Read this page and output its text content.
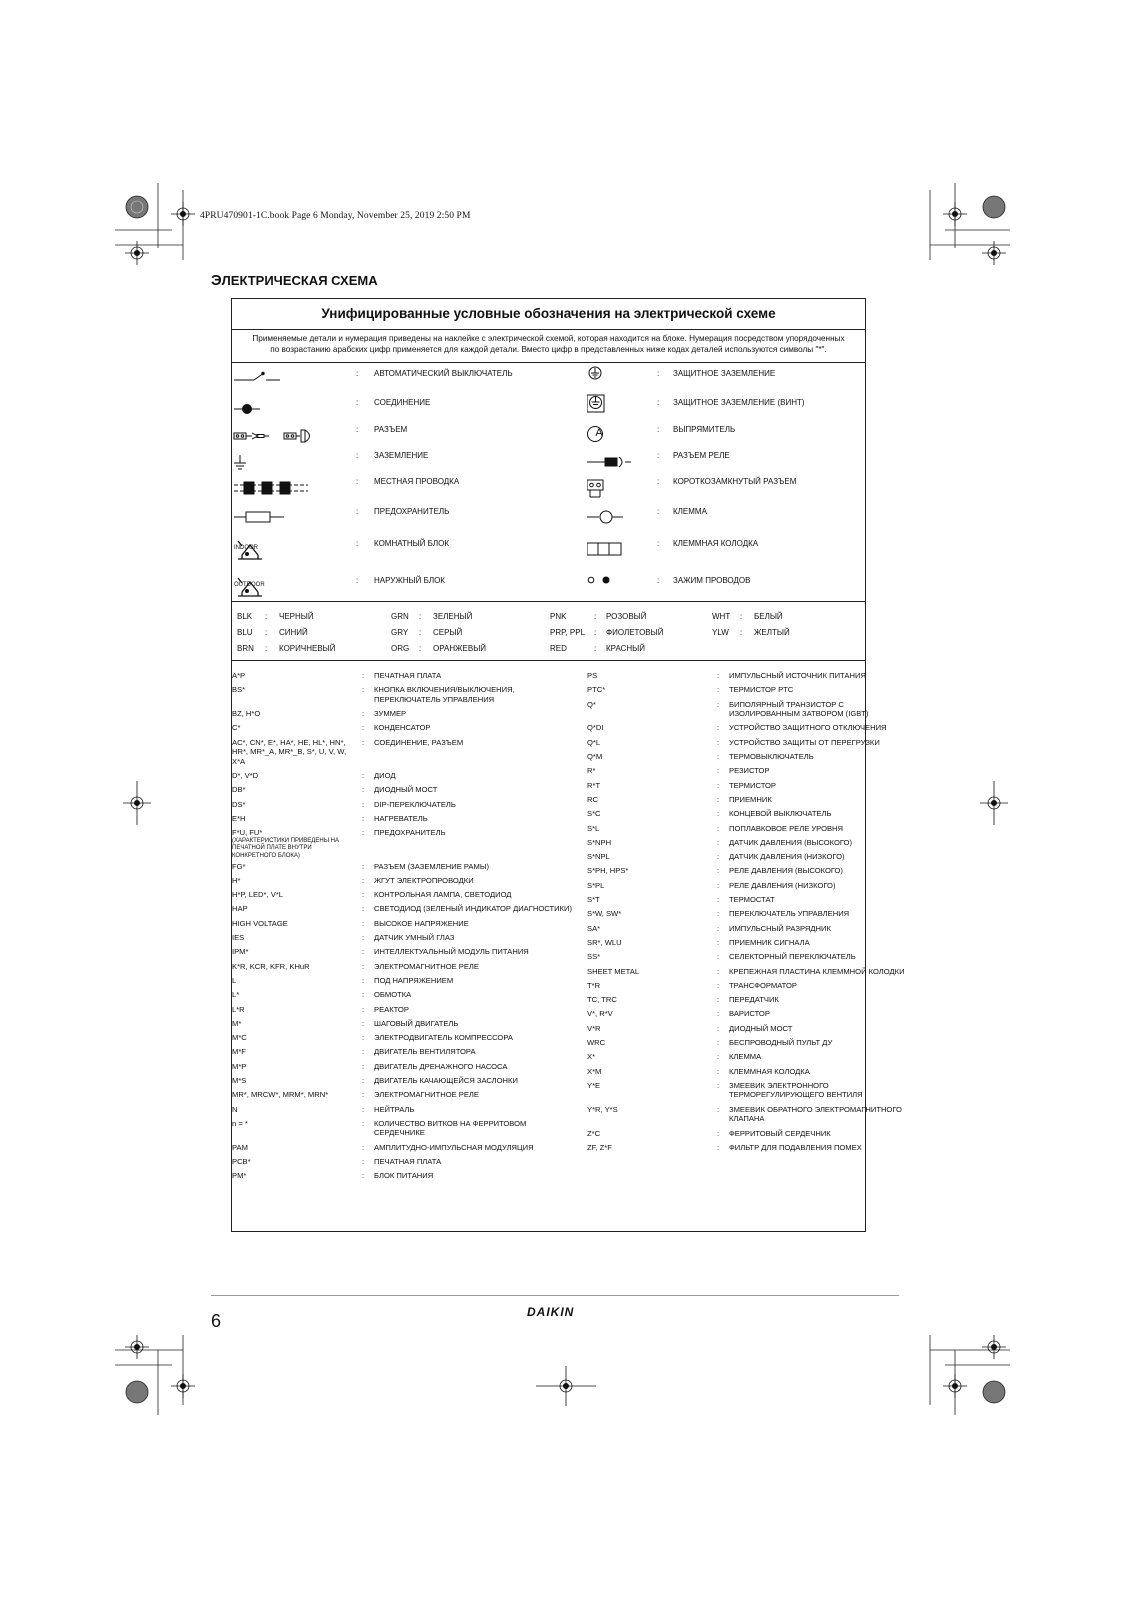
4PRU470901-1C.book Page 6 Monday, November 25, 2019 2:50 PM
ЭЛЕКТРИЧЕСКАЯ СХЕМА
Унифицированные условные обозначения на электрической схеме
Применяемые детали и нумерация приведены на наклейке с электрической схемой, которая находится на блоке. Нумерация посредством упорядоченных
по возрастанию арабских цифр применяется для каждой детали. Вместо цифр в представленных ниже кодах деталей используются символы "*".
INDOOR
OUTDOOR
A
: АВТОМАТИЧЕСКИЙ ВЫКЛЮЧАТЕЛЬ	: ЗАЩИТНОЕ ЗАЗЕМЛЕНИЕ
: СОЕДИНЕНИЕ	: ЗАЩИТНОЕ ЗАЗЕМЛЕНИЕ (ВИНТ)
: РАЗЪЕМ	: ВЫПРЯМИТЕЛЬ
: ЗАЗЕМЛЕНИЕ	: РАЗЪЕМ РЕЛЕ
: МЕСТНАЯ ПРОВОДКА	: КОРОТКОЗАМКНУТЫЙ РАЗЪЕМ
: ПРЕДОХРАНИТЕЛЬ	: КЛЕММА
: КОМНАТНЫЙ БЛОК	: КЛЕММНАЯ КОЛОДКА
: НАРУЖНЫЙ БЛОК	: ЗАЖИМ ПРОВОДОВ
BLK : ЧЕРНЫЙ	GRN : ЗЕЛЕНЫЙ	PNK	: РОЗОВЫЙ	WHT : БЕЛЫЙ
BLU : СИНИЙ	GRY : СЕРЫЙ	PRP, PPL : ФИОЛЕТОВЫЙ	YLW : ЖЕЛТЫЙ
BRN : КОРИЧНЕВЫЙ	ORG : ОРАНЖЕВЫЙ	RED	: КРАСНЫЙ
A*P	: ПЕЧАТНАЯ ПЛАТА
BS*	: КНОПКА ВКЛЮЧЕНИЯ/ВЫКЛЮЧЕНИЯ, ПЕРЕКЛЮЧАТЕЛЬ УПРАВЛЕНИЯ
BZ, H*O	: ЗУММЕР
C*	: КОНДЕНСАТОР
AC*, CN*, E*, HA*, HE, HL*, HN*, HR*, MR*_A, MR*_B, S*, U, V, W, X*A
: СОЕДИНЕНИЕ, РАЗЪЕМ
D*, V*D	: ДИОД
DB*	: ДИОДНЫЙ МОСТ
DS*	: DIP-ПЕРЕКЛЮЧАТЕЛЬ
E*H	: НАГРЕВАТЕЛЬ
F*U, FU*
(ХАРАКТЕРИСТИКИ ПРИВЕДЕНЫ НА ПЕЧАТНОЙ ПЛАТЕ ВНУТРИ КОНКРЕТНОГО БЛОКА)
: ПРЕДОХРАНИТЕЛЬ
FG*	: РАЗЪЕМ (ЗАЗЕМЛЕНИЕ РАМЫ)
H*	: ЖГУТ ЭЛЕКТРОПРОВОДКИ
H*P, LED*, V*L	: КОНТРОЛЬНАЯ ЛАМПА, СВЕТОДИОД
HAP	: СВЕТОДИОД (ЗЕЛЕНЫЙ ИНДИКАТОР ДИАГНОСТИКИ)
HIGH VOLTAGE	: ВЫСОКОЕ НАПРЯЖЕНИЕ
IES	: ДАТЧИК УМНЫЙ ГЛАЗ
IPM*	: ИНТЕЛЛЕКТУАЛЬНЫЙ МОДУЛЬ ПИТАНИЯ
K*R, KCR, KFR, KHuR	: ЭЛЕКТРОМАГНИТНОЕ РЕЛЕ
L	: ПОД НАПРЯЖЕНИЕМ
L*	: ОБМОТКА
L*R	: РЕАКТОР
M*	: ШАГОВЫЙ ДВИГАТЕЛЬ
M*C	: ЭЛЕКТРОДВИГАТЕЛЬ КОМПРЕССОРА
M*F	: ДВИГАТЕЛЬ ВЕНТИЛЯТОРА
M*P	: ДВИГАТЕЛЬ ДРЕНАЖНОГО НАСОСА
M*S	: ДВИГАТЕЛЬ КАЧАЮЩЕЙСЯ ЗАСЛОНКИ
MR*, MRCW*, MRM*, MRN*	: ЭЛЕКТРОМАГНИТНОЕ РЕЛЕ
N	: НЕЙТРАЛЬ
n = *	: КОЛИЧЕСТВО ВИТКОВ НА ФЕРРИТОВОМ СЕРДЕЧНИКЕ
PAM	: АМПЛИТУДНО-ИМПУЛЬСНАЯ МОДУЛЯЦИЯ
PCB*	: ПЕЧАТНАЯ ПЛАТА
PM*	: БЛОК ПИТАНИЯ
PS	: ИМПУЛЬСНЫЙ ИСТОЧНИК ПИТАНИЯ
PTC*	: ТЕРМИСТОР PTC
Q*	: БИПОЛЯРНЫЙ ТРАНЗИСТОР С ИЗОЛИРОВАННЫМ ЗАТВОРОМ (IGBT)
Q*DI	: УСТРОЙСТВО ЗАЩИТНОГО ОТКЛЮЧЕНИЯ
Q*L	: УСТРОЙСТВО ЗАЩИТЫ ОТ ПЕРЕГРУЗКИ
Q*M	: ТЕРМОВЫКЛЮЧАТЕЛЬ
R*	: РЕЗИСТОР
R*T	: ТЕРМИСТОР
RC	: ПРИЕМНИК
S*C	: КОНЦЕВОЙ ВЫКЛЮЧАТЕЛЬ
S*L	: ПОПЛАВКОВОЕ РЕЛЕ УРОВНЯ
S*NPH	: ДАТЧИК ДАВЛЕНИЯ (ВЫСОКОГО)
S*NPL	: ДАТЧИК ДАВЛЕНИЯ (НИЗКОГО)
S*PH, HPS*	: РЕЛЕ ДАВЛЕНИЯ (ВЫСОКОГО)
S*PL	: РЕЛЕ ДАВЛЕНИЯ (НИЗКОГО)
S*T	: ТЕРМОСТАТ
S*W, SW*	: ПЕРЕКЛЮЧАТЕЛЬ УПРАВЛЕНИЯ
SA*	: ИМПУЛЬСНЫЙ РАЗРЯДНИК
SR*, WLU	: ПРИЕМНИК СИГНАЛА
SS*	: СЕЛЕКТОРНЫЙ ПЕРЕКЛЮЧАТЕЛЬ
SHEET METAL	: КРЕПЕЖНАЯ ПЛАСТИНА КЛЕММНОЙ КОЛОДКИ
T*R	: ТРАНСФОРМАТОР
TC, TRC	: ПЕРЕДАТЧИК
V*, R*V	: ВАРИСТОР
V*R	: ДИОДНЫЙ МОСТ
WRC	: БЕСПРОВОДНЫЙ ПУЛЬТ ДУ
X*	: КЛЕММА
X*M	: КЛЕММНАЯ КОЛОДКА
Y*E	: ЗМЕЕВИК ЭЛЕКТРОННОГО ТЕРМОРЕГУЛИРУЮЩЕГО ВЕНТИЛЯ
Y*R, Y*S	: ЗМЕЕВИК ОБРАТНОГО ЭЛЕКТРОМАГНИТНОГО КЛАПАНА
Z*C	: ФЕРРИТОВЫЙ СЕРДЕЧНИК
ZF, Z*F	: ФИЛЬТР ДЛЯ ПОДАВЛЕНИЯ ПОМЕХ
DAIKIN
6
